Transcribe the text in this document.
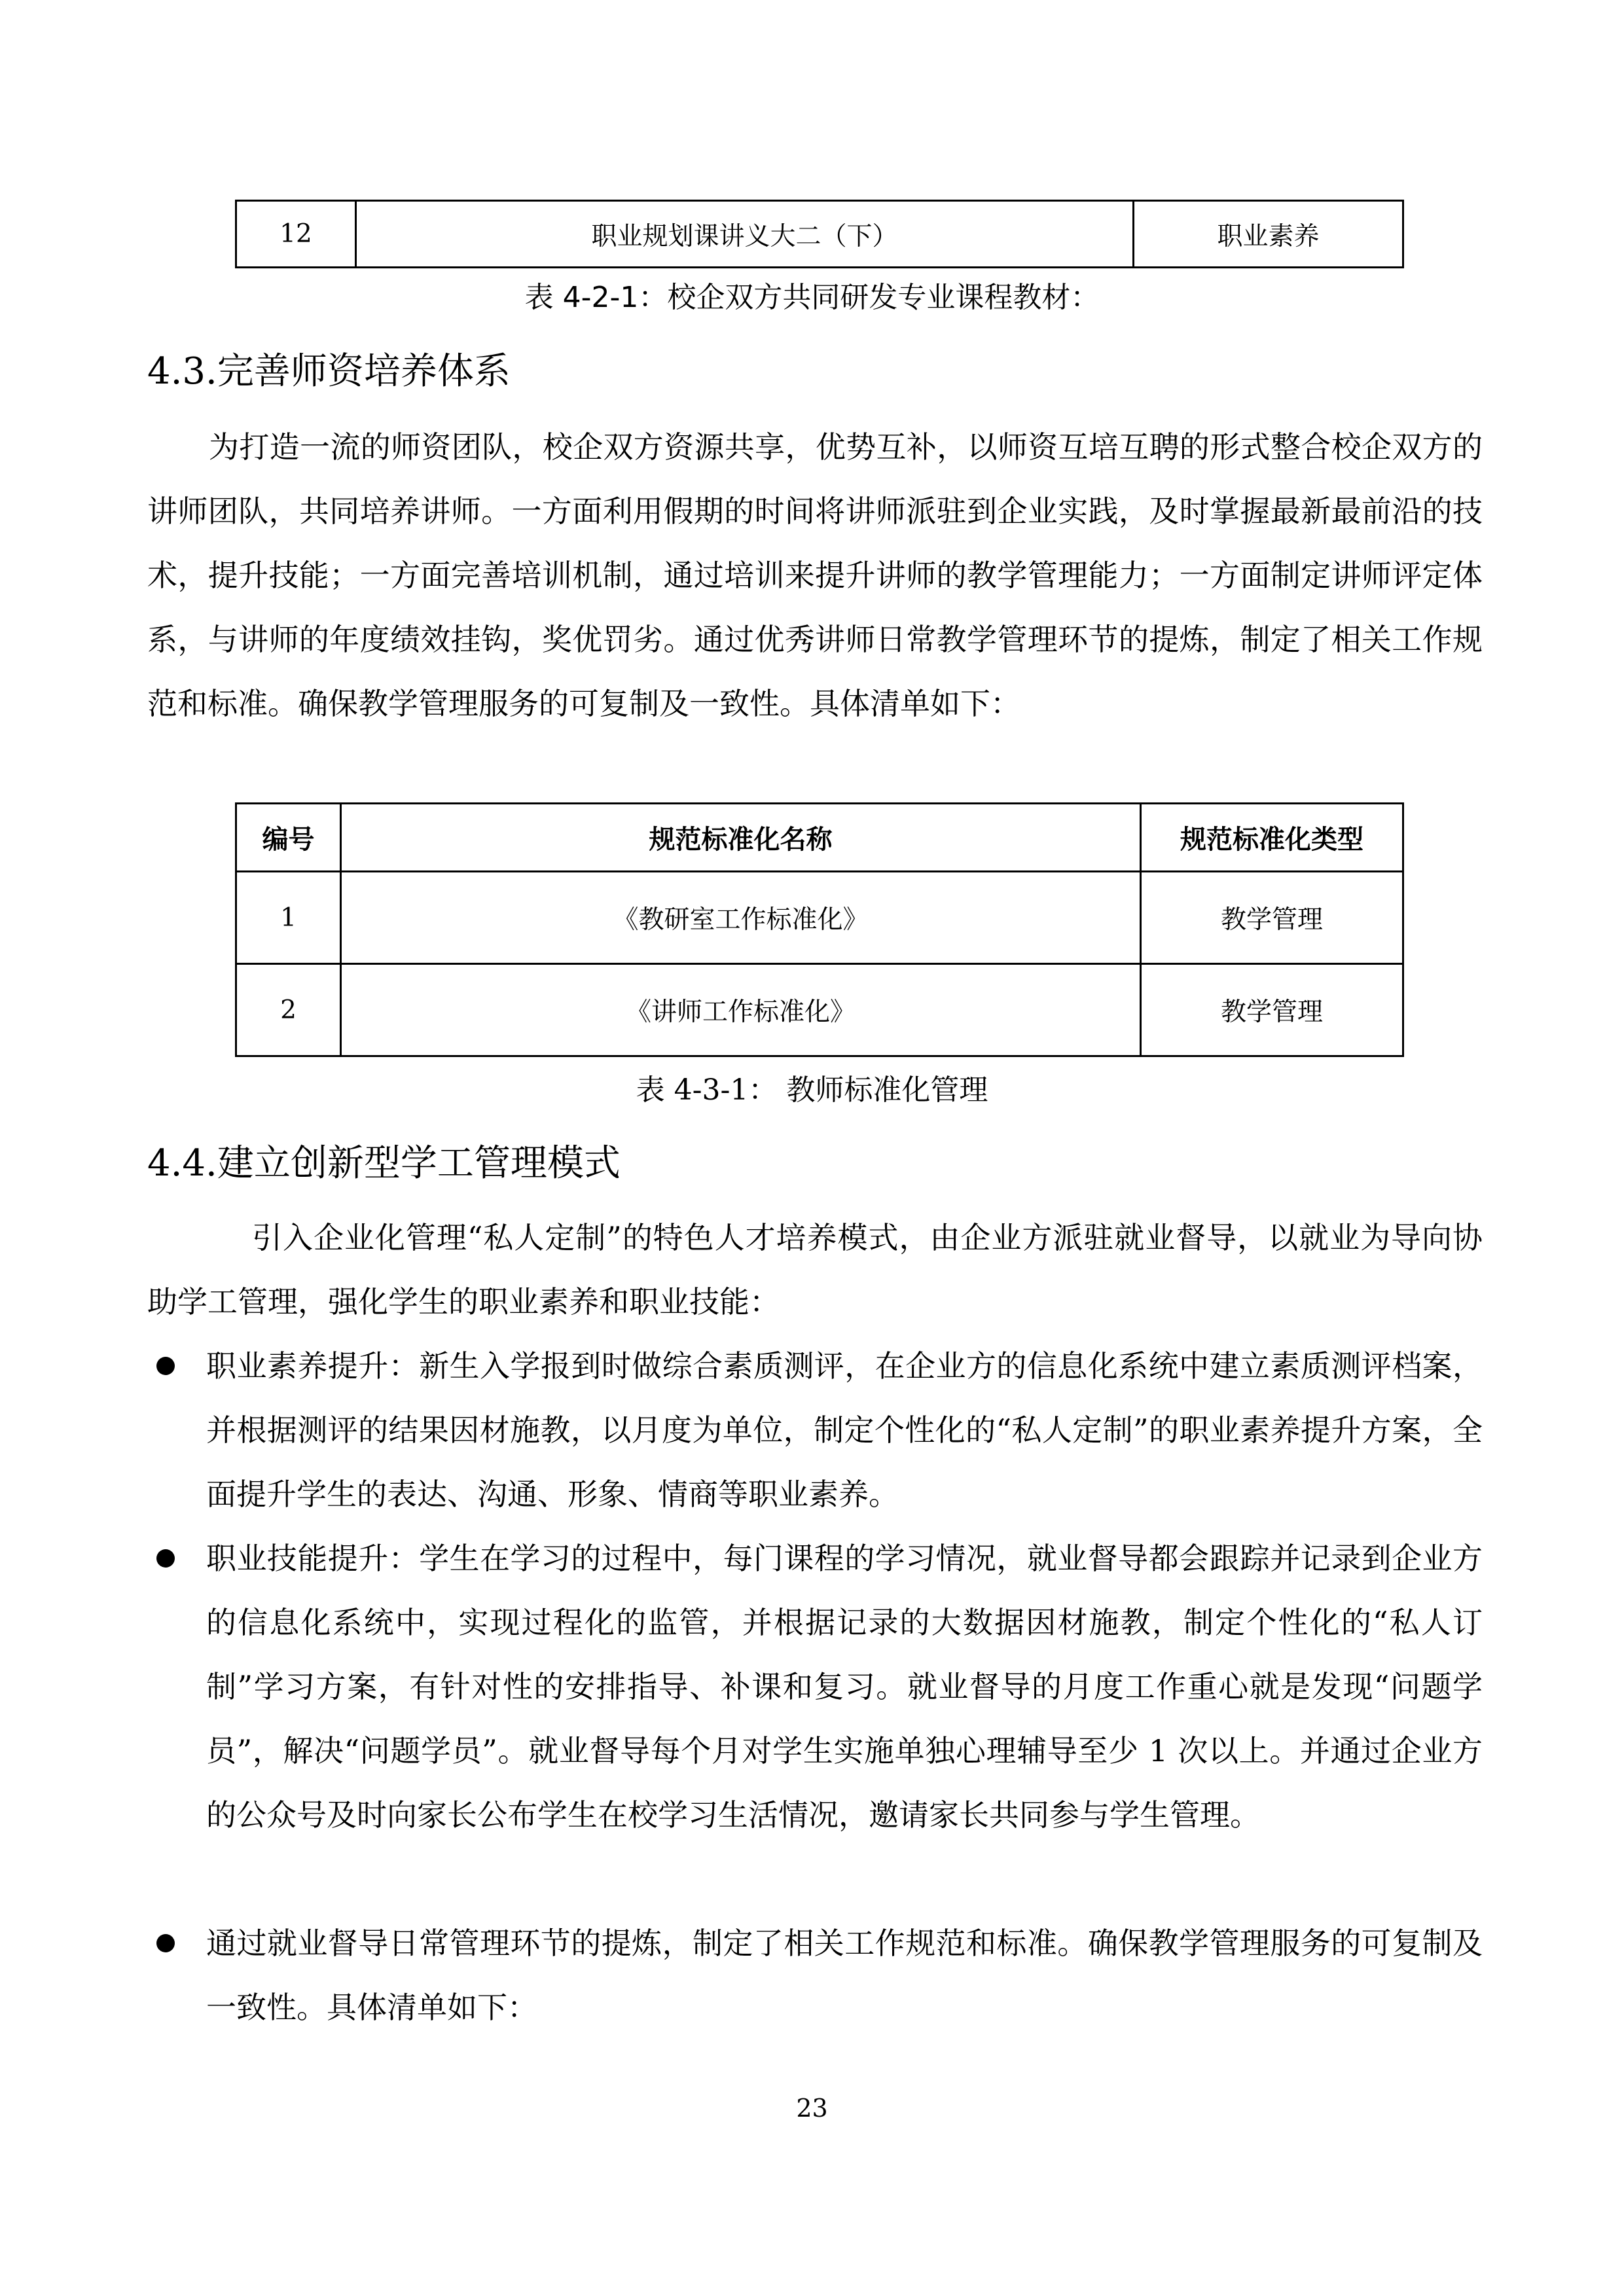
12	职业规划课讲义大二（下）	职业素养
表 4-2-1：校企双方共同研发专业课程教材：
4.3.完善师资培养体系

为打造一流的师资团队，校企双方资源共享，优势互补，以师资互培互聘的形式整合校企双方的讲师团队，共同培养讲师。一方面利用假期的时间将讲师派驻到企业实践，及时掌握最新最前沿的技术，提升技能；一方面完善培训机制，通过培训来提升讲师的教学管理能力；一方面制定讲师评定体系，与讲师的年度绩效挂钩，奖优罚劣。通过优秀讲师日常教学管理环节的提炼，制定了相关工作规范和标准。确保教学管理服务的可复制及一致性。具体清单如下：

编号	规范标准化名称	规范标准化类型
1	《教研室工作标准化》	教学管理
2	《讲师工作标准化》	教学管理
表 4-3-1： 教师标准化管理
4.4.建立创新型学工管理模式

引入企业化管理“私人定制”的特色人才培养模式，由企业方派驻就业督导，以就业为导向协助学工管理，强化学生的职业素养和职业技能：

职业素养提升：新生入学报到时做综合素质测评，在企业方的信息化系统中建立素质测评档案，并根据测评的结果因材施教，以月度为单位，制定个性化的“私人定制”的职业素养提升方案，全面提升学生的表达、沟通、形象、情商等职业素养。

职业技能提升：学生在学习的过程中，每门课程的学习情况，就业督导都会跟踪并记录到企业方的信息化系统中，实现过程化的监管，并根据记录的大数据因材施教，制定个性化的“私人订制”学习方案，有针对性的安排指导、补课和复习。就业督导的月度工作重心就是发现“问题学员”，解决“问题学员”。就业督导每个月对学生实施单独心理辅导至少 1 次以上。并通过企业方的公众号及时向家长公布学生在校学习生活情况，邀请家长共同参与学生管理。

通过就业督导日常管理环节的提炼，制定了相关工作规范和标准。确保教学管理服务的可复制及一致性。具体清单如下：

23
